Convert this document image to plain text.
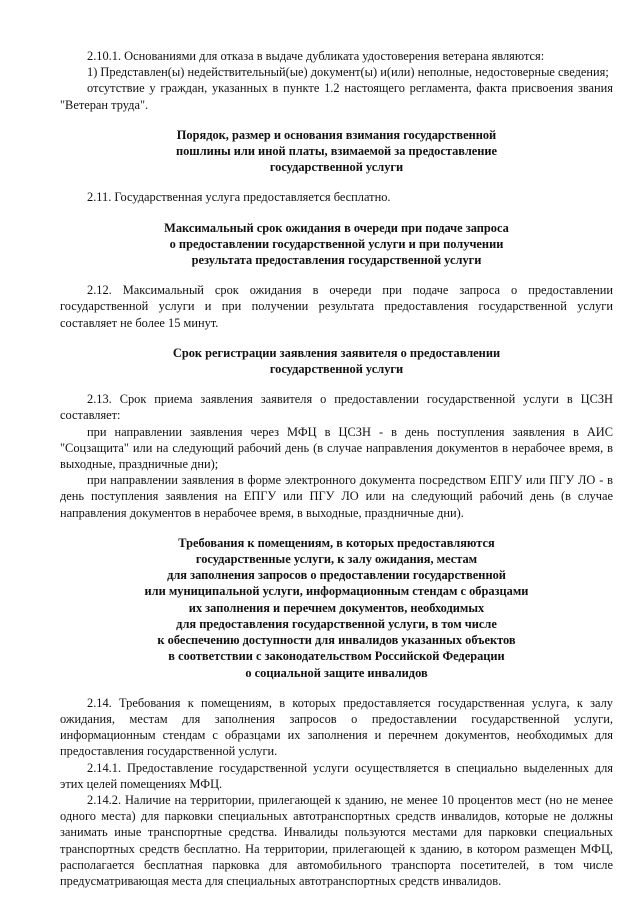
2.10.1. Основаниями для отказа в выдаче дубликата удостоверения ветерана являются:

1) Представлен(ы) недействительный(ые) документ(ы) и(или) неполные, недостоверные сведения;

отсутствие у граждан, указанных в пункте 1.2 настоящего регламента, факта присвоения звания "Ветеран труда".

Порядок, размер и основания взимания государственной
пошлины или иной платы, взимаемой за предоставление
государственной услуги

2.11. Государственная услуга предоставляется бесплатно.

Максимальный срок ожидания в очереди при подаче запроса
о предоставлении государственной услуги и при получении
результата предоставления государственной услуги

2.12. Максимальный срок ожидания в очереди при подаче запроса о предоставлении государственной услуги и при получении результата предоставления государственной услуги составляет не более 15 минут.

Срок регистрации заявления заявителя о предоставлении
государственной услуги

2.13. Срок приема заявления заявителя о предоставлении государственной услуги в ЦСЗН составляет:

при направлении заявления через МФЦ в ЦСЗН - в день поступления заявления в АИС "Соцзащита" или на следующий рабочий день (в случае направления документов в нерабочее время, в выходные, праздничные дни);

при направлении заявления в форме электронного документа посредством ЕПГУ или ПГУ ЛО - в день поступления заявления на ЕПГУ или ПГУ ЛО или на следующий рабочий день (в случае направления документов в нерабочее время, в выходные, праздничные дни).

Требования к помещениям, в которых предоставляются
государственные услуги, к залу ожидания, местам
для заполнения запросов о предоставлении государственной
или муниципальной услуги, информационным стендам с образцами
их заполнения и перечнем документов, необходимых
для предоставления государственной услуги, в том числе
к обеспечению доступности для инвалидов указанных объектов
в соответствии с законодательством Российской Федерации
о социальной защите инвалидов

2.14. Требования к помещениям, в которых предоставляется государственная услуга, к залу ожидания, местам для заполнения запросов о предоставлении государственной услуги, информационным стендам с образцами их заполнения и перечнем документов, необходимых для предоставления государственной услуги.

2.14.1. Предоставление государственной услуги осуществляется в специально выделенных для этих целей помещениях МФЦ.

2.14.2. Наличие на территории, прилегающей к зданию, не менее 10 процентов мест (но не менее одного места) для парковки специальных автотранспортных средств инвалидов, которые не должны занимать иные транспортные средства. Инвалиды пользуются местами для парковки специальных транспортных средств бесплатно. На территории, прилегающей к зданию, в котором размещен МФЦ, располагается бесплатная парковка для автомобильного транспорта посетителей, в том числе предусматривающая места для специальных автотранспортных средств инвалидов.
